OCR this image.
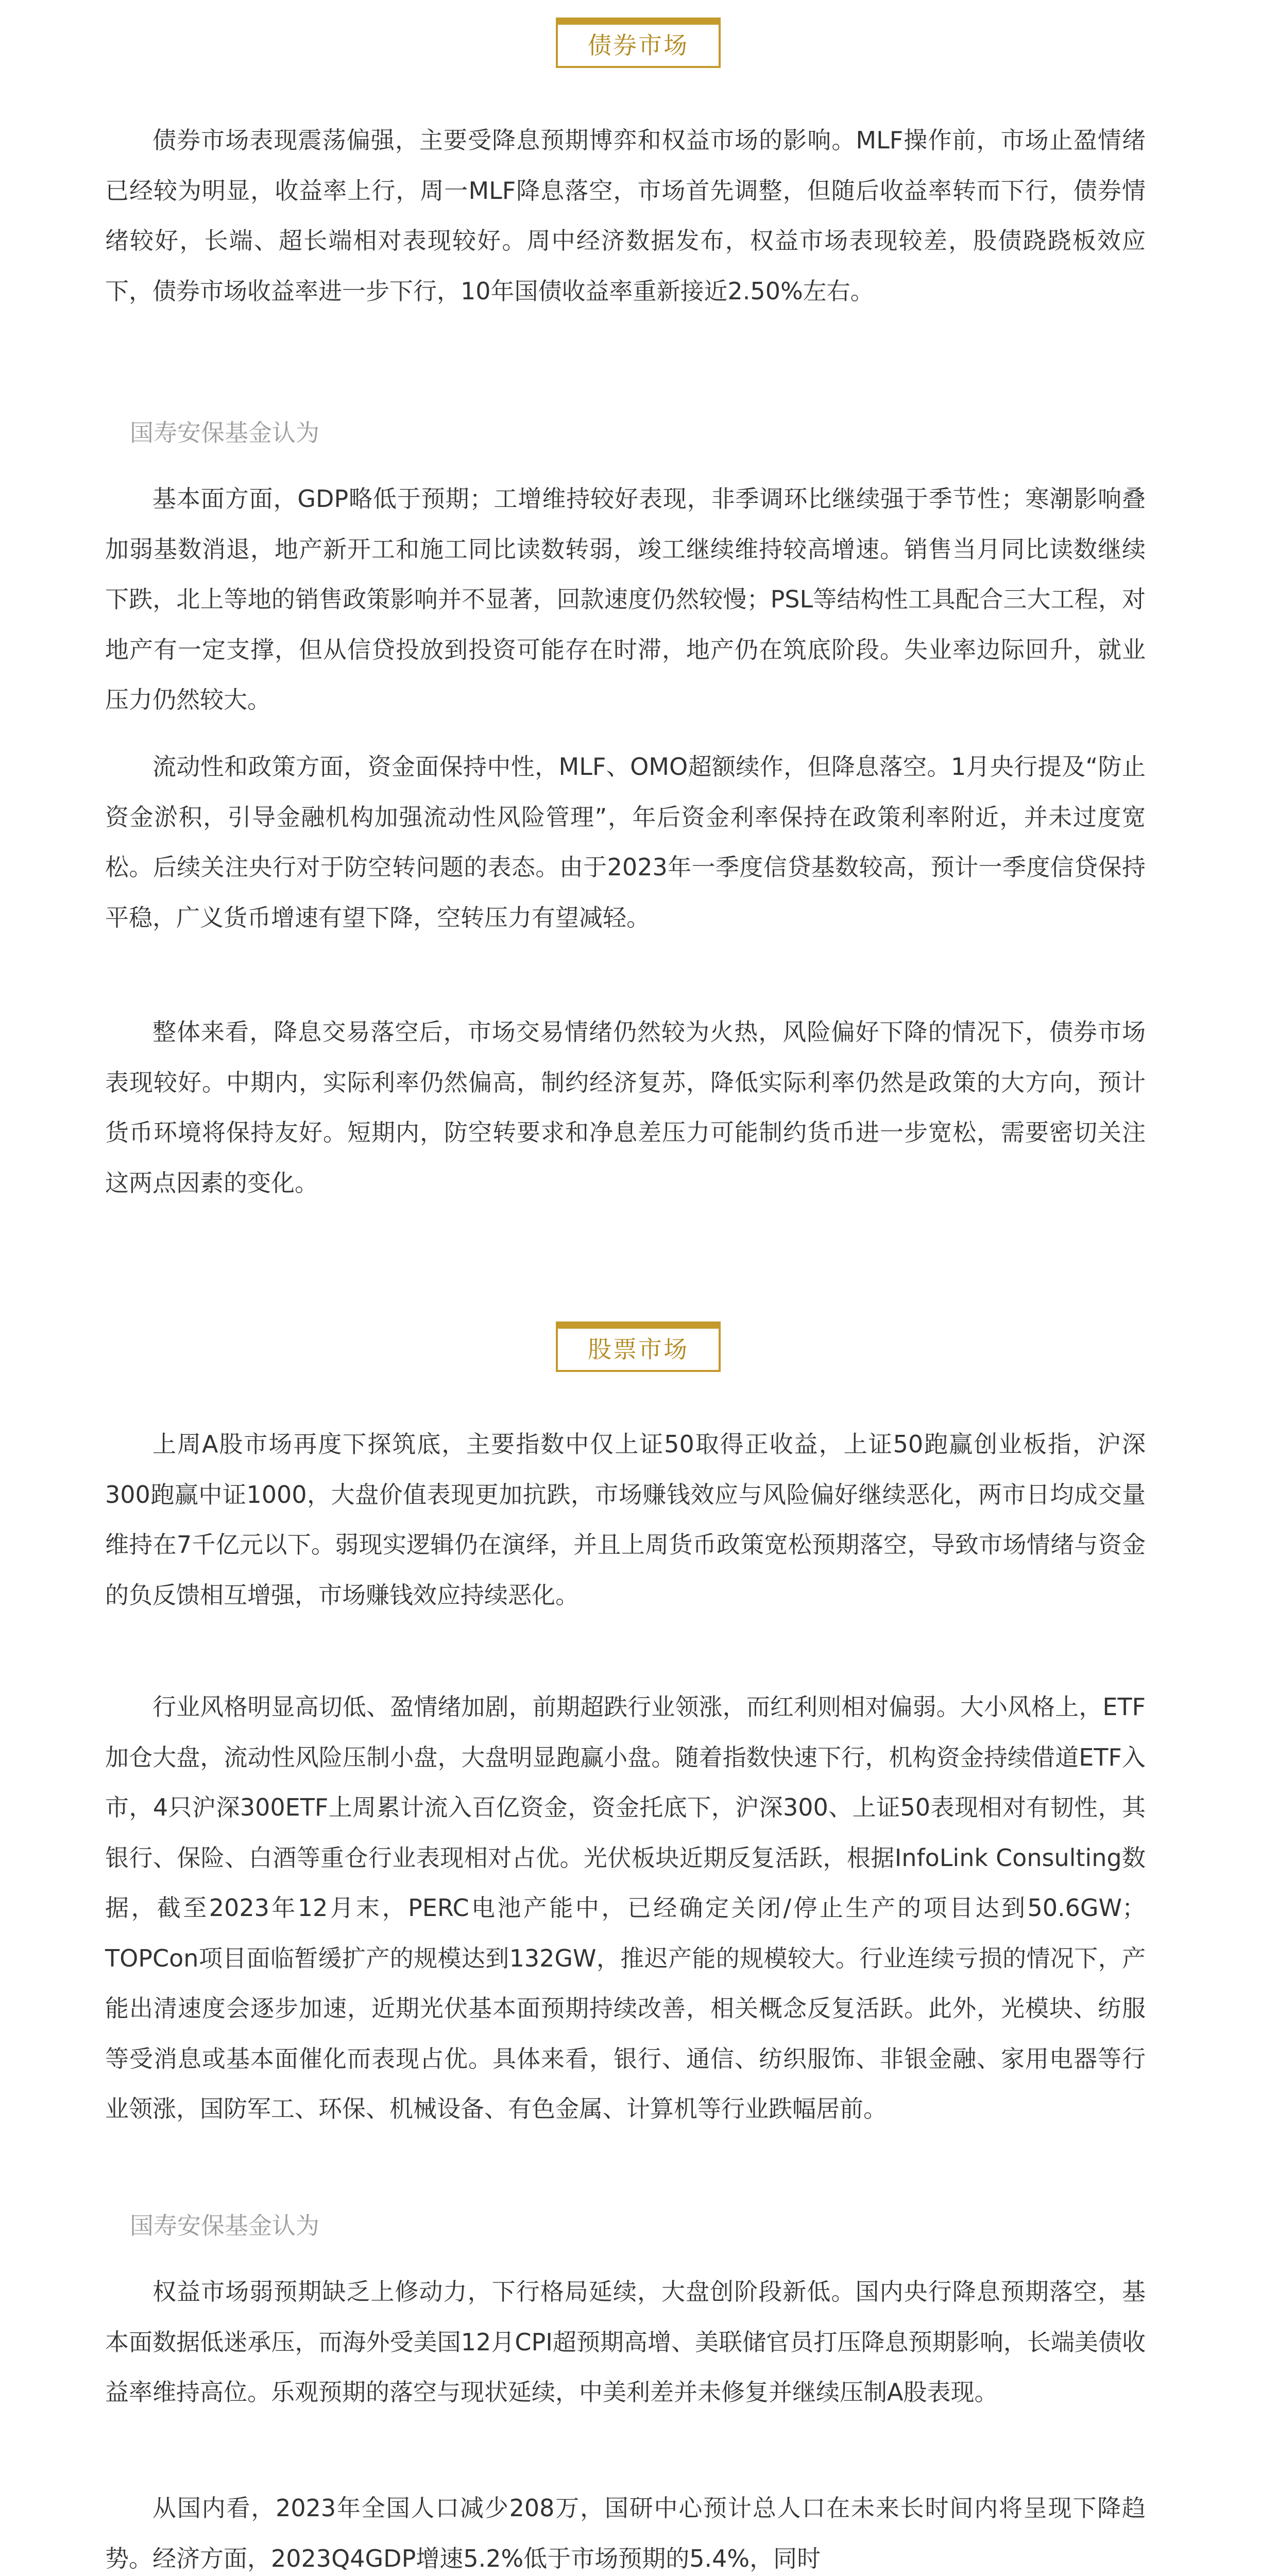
债券市场

债券市场表现震荡偏强，主要受降息预期博弈和权益市场的影响。MLF操作前，市场止盈情绪已经较为明显，收益率上行，周一MLF降息落空，市场首先调整，但随后收益率转而下行，债券情绪较好，长端、超长端相对表现较好。周中经济数据发布，权益市场表现较差，股债跷跷板效应下，债券市场收益率进一步下行，10年国债收益率重新接近2.50%左右。

国寿安保基金认为

基本面方面，GDP略低于预期；工增维持较好表现，非季调环比继续强于季节性；寒潮影响叠加弱基数消退，地产新开工和施工同比读数转弱，竣工继续维持较高增速。销售当月同比读数继续下跌，北上等地的销售政策影响并不显著，回款速度仍然较慢；PSL等结构性工具配合三大工程，对地产有一定支撑，但从信贷投放到投资可能存在时滞，地产仍在筑底阶段。失业率边际回升，就业压力仍然较大。

流动性和政策方面，资金面保持中性，MLF、OMO超额续作，但降息落空。1月央行提及“防止资金淤积，引导金融机构加强流动性风险管理”，年后资金利率保持在政策利率附近，并未过度宽松。后续关注央行对于防空转问题的表态。由于2023年一季度信贷基数较高，预计一季度信贷保持平稳，广义货币增速有望下降，空转压力有望减轻。

整体来看，降息交易落空后，市场交易情绪仍然较为火热，风险偏好下降的情况下，债券市场表现较好。中期内，实际利率仍然偏高，制约经济复苏，降低实际利率仍然是政策的大方向，预计货币环境将保持友好。短期内，防空转要求和净息差压力可能制约货币进一步宽松，需要密切关注这两点因素的变化。

股票市场

上周A股市场再度下探筑底，主要指数中仅上证50取得正收益，上证50跑赢创业板指，沪深300跑赢中证1000，大盘价值表现更加抗跌，市场赚钱效应与风险偏好继续恶化，两市日均成交量维持在7千亿元以下。弱现实逻辑仍在演绎，并且上周货币政策宽松预期落空，导致市场情绪与资金的负反馈相互增强，市场赚钱效应持续恶化。

行业风格明显高切低、盈情绪加剧，前期超跌行业领涨，而红利则相对偏弱。大小风格上，ETF加仓大盘，流动性风险压制小盘，大盘明显跑赢小盘。随着指数快速下行，机构资金持续借道ETF入市，4只沪深300ETF上周累计流入百亿资金，资金托底下，沪深300、上证50表现相对有韧性，其银行、保险、白酒等重仓行业表现相对占优。光伏板块近期反复活跃，根据InfoLink Consulting数据，截至2023年12月末，PERC电池产能中，已经确定关闭/停止生产的项目达到50.6GW；TOPCon项目面临暂缓扩产的规模达到132GW，推迟产能的规模较大。行业连续亏损的情况下，产能出清速度会逐步加速，近期光伏基本面预期持续改善，相关概念反复活跃。此外，光模块、纺服等受消息或基本面催化而表现占优。具体来看，银行、通信、纺织服饰、非银金融、家用电器等行业领涨，国防军工、环保、机械设备、有色金属、计算机等行业跌幅居前。

国寿安保基金认为

权益市场弱预期缺乏上修动力，下行格局延续，大盘创阶段新低。国内央行降息预期落空，基本面数据低迷承压，而海外受美国12月CPI超预期高增、美联储官员打压降息预期影响，长端美债收益率维持高位。乐观预期的落空与现状延续，中美利差并未修复并继续压制A股表现。

从国内看，2023年全国人口减少208万，国研中心预计总人口在未来长时间内将呈现下降趋势。经济方面，2023Q4GDP增速5.2%低于市场预期的5.4%，同时
